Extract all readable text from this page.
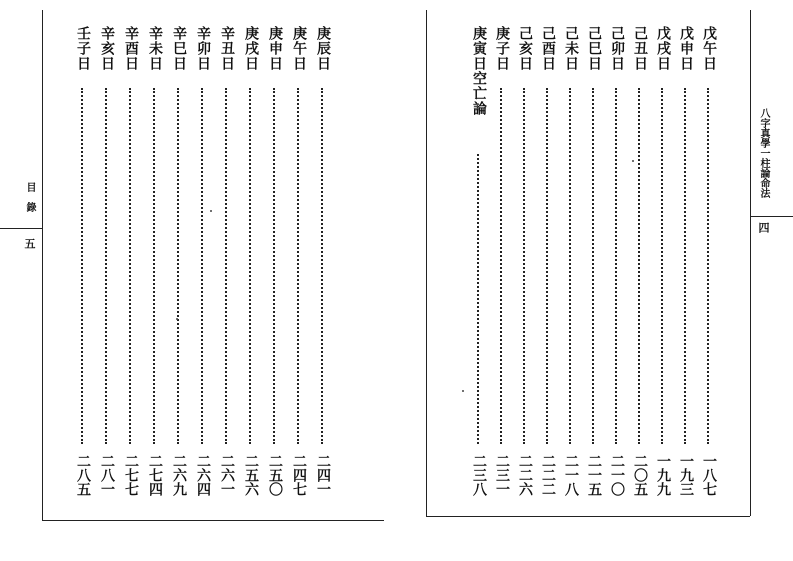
目　錄
五
庚辰日
二四一
庚午日
二四七
庚申日
二五〇
庚戌日
二五六
辛丑日
二六一
辛卯日
二六四
辛巳日
二六九
辛未日
二七四
辛酉日
二七七
辛亥日
二八一
壬子日
二八五
八字真學一柱論命法
四
戊午日
一八七
戊申日
一九三
戊戌日
一九九
己丑日
二〇五
己卯日
二一〇
己巳日
二一五
己未日
二一八
己酉日
二二二
己亥日
二二六
庚子日
二三一
庚寅日空亡論
二三八
